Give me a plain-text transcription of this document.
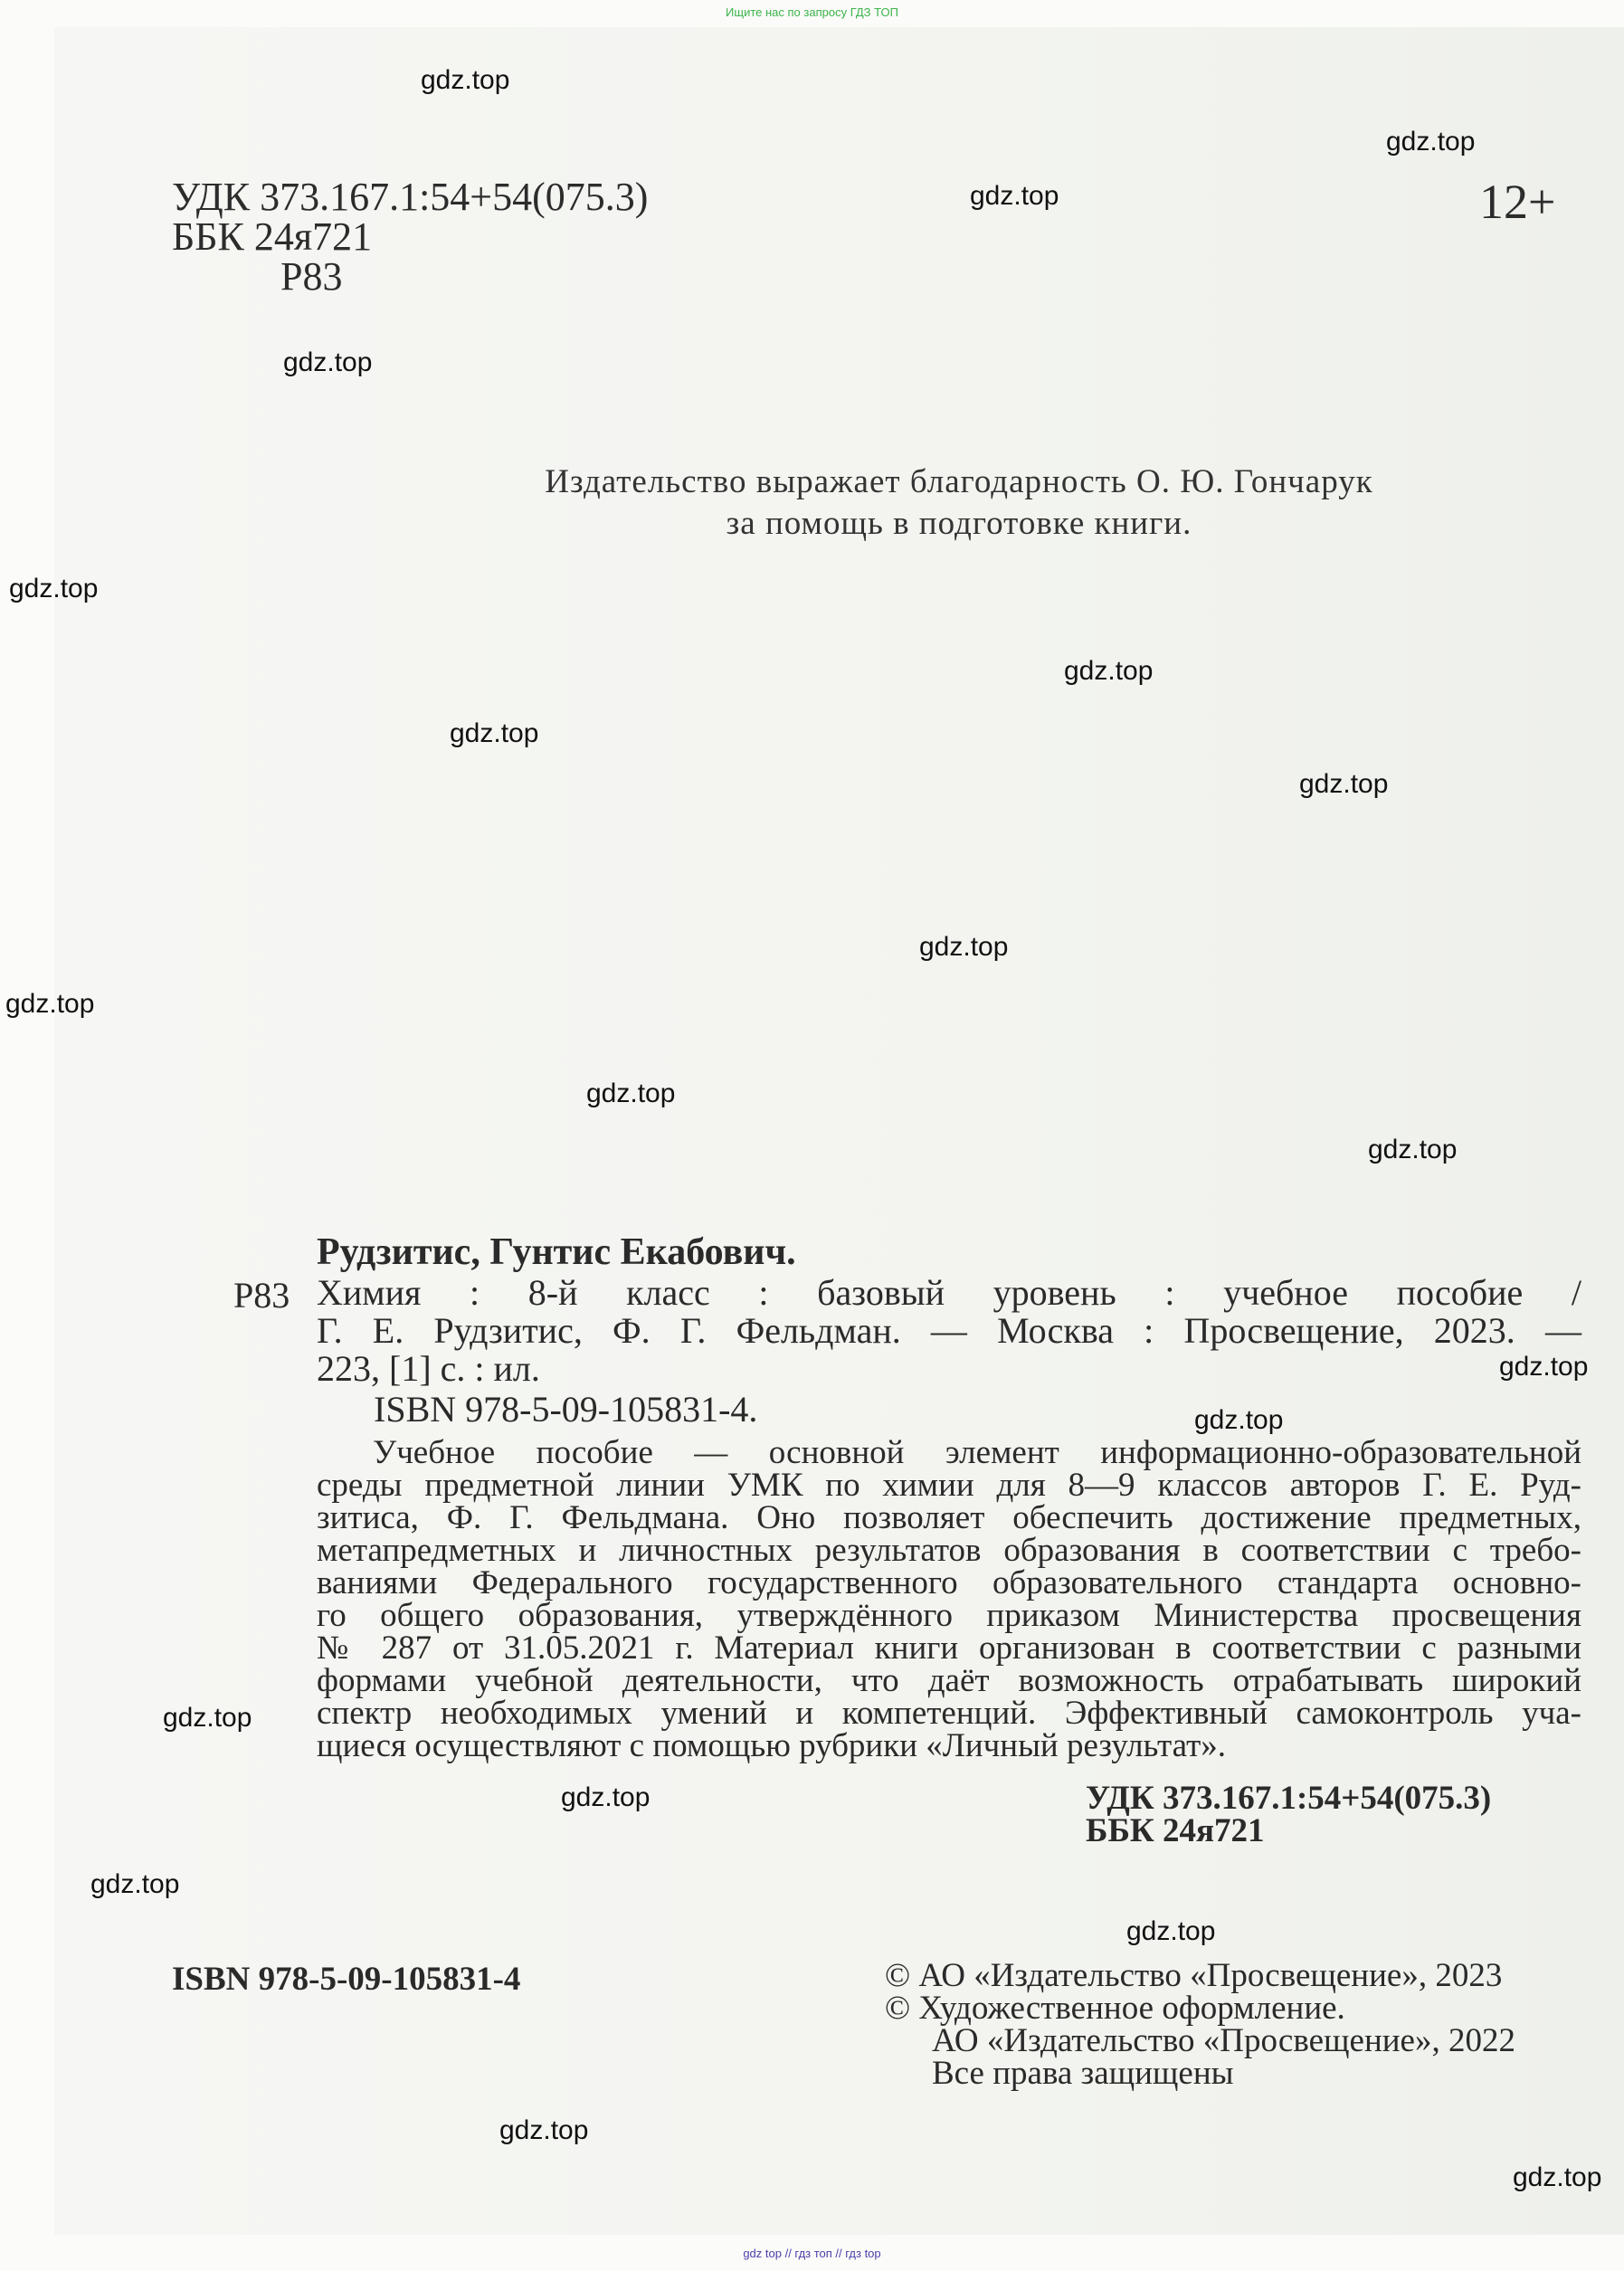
Ищите нас по запросу ГДЗ ТОП
gdz.top
gdz.top
gdz.top
gdz.top
gdz.top
gdz.top
gdz.top
gdz.top
gdz.top
gdz.top
gdz.top
gdz.top
gdz.top
gdz.top
gdz.top
gdz.top
gdz.top
gdz.top
gdz.top
gdz.top
УДК 373.167.1:54+54(075.3)
ББК 24я721
Р83
12+
Издательство выражает благодарность О. Ю. Гончарук
за помощь в подготовке книги.
Рудзитис, Гунтис Екабович.
Р83 Химия : 8-й класс : базовый уровень : учебное пособие /
Г. Е. Рудзитис, Ф. Г. Фельдман. — Москва : Просвещение, 2023. —
223, [1] с. : ил.
ISBN 978-5-09-105831-4.
Учебное пособие — основной элемент информационно-образовательной
среды предметной линии УМК по химии для 8—9 классов авторов Г. Е. Руд-
зитиса, Ф. Г. Фельдмана. Оно позволяет обеспечить достижение предметных,
метапредметных и личностных результатов образования в соответствии с требо-
ваниями Федерального государственного образовательного стандарта основно-
го общего образования, утверждённого приказом Министерства просвещения
№ 287 от 31.05.2021 г. Материал книги организован в соответствии с разными
формами учебной деятельности, что даёт возможность отрабатывать широкий
спектр необходимых умений и компетенций. Эффективный самоконтроль уча-
щиеся осуществляют с помощью рубрики «Личный результат».
УДК 373.167.1:54+54(075.3)
ББК 24я721
ISBN 978-5-09-105831-4	© АО «Издательство «Просвещение», 2023
© Художественное оформление.
АО «Издательство «Просвещение», 2022
Все права защищены
gdz top // гдз топ // гдз top
